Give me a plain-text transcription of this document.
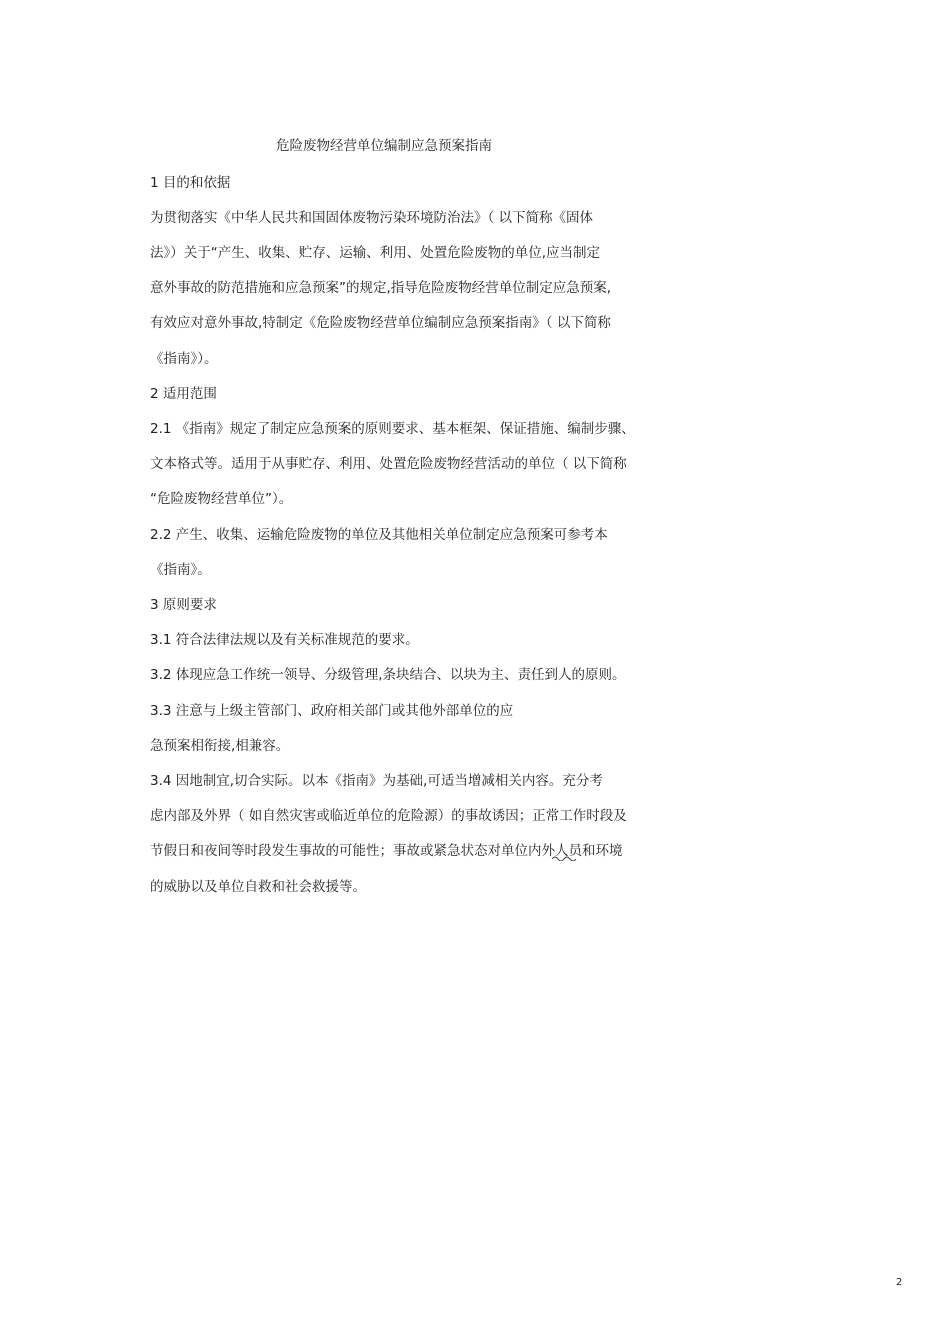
危险废物经营单位编制应急预案指南
1 目的和依据
为贯彻落实《中华人民共和国固体废物污染环境防治法》（ 以下简称《固体
法》）关于“产生、收集、贮存、运输、利用、处置危险废物的单位,应当制定
意外事故的防范措施和应急预案”的规定,指导危险废物经营单位制定应急预案,
有效应对意外事故,特制定《危险废物经营单位编制应急预案指南》（ 以下简称
《指南》）。
2 适用范围
2.1 《指南》规定了制定应急预案的原则要求、基本框架、保证措施、编制步骤、
文本格式等。适用于从事贮存、利用、处置危险废物经营活动的单位（ 以下简称
“危险废物经营单位”）。
2.2 产生、收集、运输危险废物的单位及其他相关单位制定应急预案可参考本
《指南》。
3 原则要求
3.1 符合法律法规以及有关标准规范的要求。
3.2 体现应急工作统一领导、分级管理,条块结合、以块为主、责任到人的原则。
3.3 注意与上级主管部门、政府相关部门或其他外部单位的应
急预案相衔接,相兼容。
3.4 因地制宜,切合实际。以本《指南》为基础,可适当增减相关内容。充分考
虑内部及外界（ 如自然灾害或临近单位的危险源）的事故诱因；正常工作时段及
节假日和夜间等时段发生事故的可能性；事故或紧急状态对单位内外人员和环境
的威胁以及单位自救和社会救援等。
2
